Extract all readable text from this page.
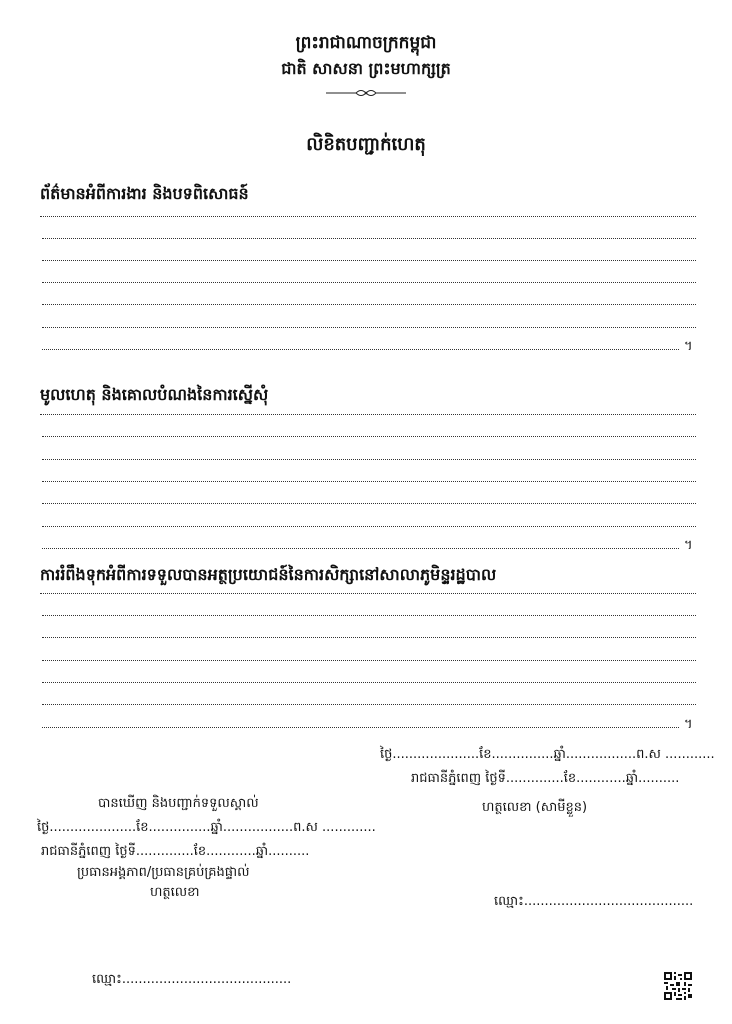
ព្រះរាជាណាចក្រកម្ពុជា
ជាតិ សាសនា ព្រះមហាក្សត្រ
លិខិតបញ្ជាក់ហេតុ
ព័ត៌មានអំពីការងារ និងបទពិសោធន៍
។
មូលហេតុ និងគោលបំណងនៃការស្នើសុំ
។
ការរំពឹងទុកអំពីការទទួលបានអត្ថប្រយោជន៍នៃការសិក្សានៅសាលាភូមិន្ទរដ្ឋបាល
។
ថ្ងៃ.....................ខែ...............ឆ្នាំ.................ព.ស ............
រាជធានីភ្នំពេញ ថ្ងៃទី..............ខែ............ឆ្នាំ..........
ហត្ថលេខា (សាមីខ្លួន)
ឈ្មោះ.........................................
បានឃើញ និងបញ្ជាក់ទទួលស្គាល់
ថ្ងៃ.....................ខែ...............ឆ្នាំ.................ព.ស .............
រាជធានីភ្នំពេញ ថ្ងៃទី..............ខែ............ឆ្នាំ..........
ប្រធានអង្គភាព/ប្រធានគ្រប់គ្រងផ្ទាល់
ហត្ថលេខា
ឈ្មោះ.........................................
